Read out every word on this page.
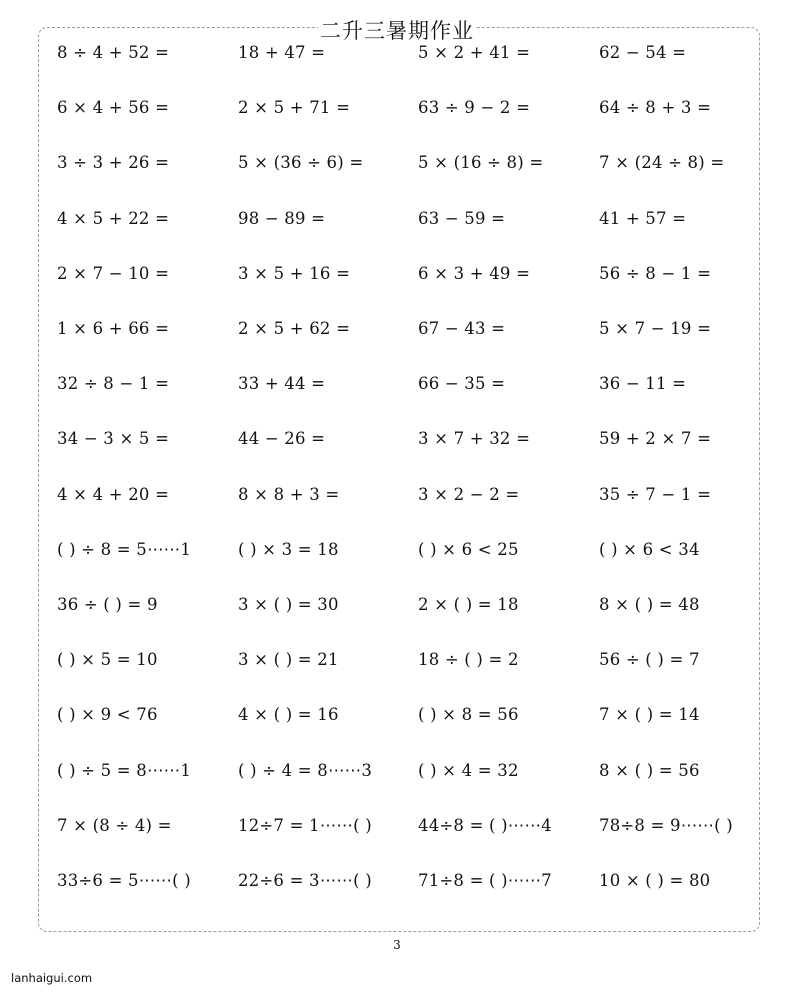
二升三暑期作业
8 ÷ 4 + 52 =	18 + 47 =	5 × 2 + 41 =	62 − 54 =
6 × 4 + 56 =	2 × 5 + 71 =	63 ÷ 9 − 2 =	64 ÷ 8 + 3 =
3 ÷ 3 + 26 =	5 × (36 ÷ 6) =	5 × (16 ÷ 8) =	7 × (24 ÷ 8) =
4 × 5 + 22 =	98 − 89 =	63 − 59 =	41 + 57 =
2 × 7 − 10 =	3 × 5 + 16 =	6 × 3 + 49 =	56 ÷ 8 − 1 =
1 × 6 + 66 =	2 × 5 + 62 =	67 − 43 =	5 × 7 − 19 =
32 ÷ 8 − 1 =	33 + 44 =	66 − 35 =	36 − 11 =
34 − 3 × 5 =	44 − 26 =	3 × 7 + 32 =	59 + 2 × 7 =
4 × 4 + 20 =	8 × 8 + 3 =	3 × 2 − 2 =	35 ÷ 7 − 1 =
( ) ÷ 8 = 5⋯⋯1	( ) × 3 = 18	( ) × 6 < 25	( ) × 6 < 34
36 ÷ ( ) = 9	3 × ( ) = 30	2 × ( ) = 18	8 × ( ) = 48
( ) × 5 = 10	3 × ( ) = 21	18 ÷ ( ) = 2	56 ÷ ( ) = 7
( ) × 9 < 76	4 × ( ) = 16	( ) × 8 = 56	7 × ( ) = 14
( ) ÷ 5 = 8⋯⋯1	( ) ÷ 4 = 8⋯⋯3	( ) × 4 = 32	8 × ( ) = 56
7 × (8 ÷ 4) =	12÷7 = 1⋯⋯( )	44÷8 = ( )⋯⋯4	78÷8 = 9⋯⋯( )
33÷6 = 5⋯⋯( )	22÷6 = 3⋯⋯( )	71÷8 = ( )⋯⋯7	10 × ( ) = 80
3
lanhaigui.com
